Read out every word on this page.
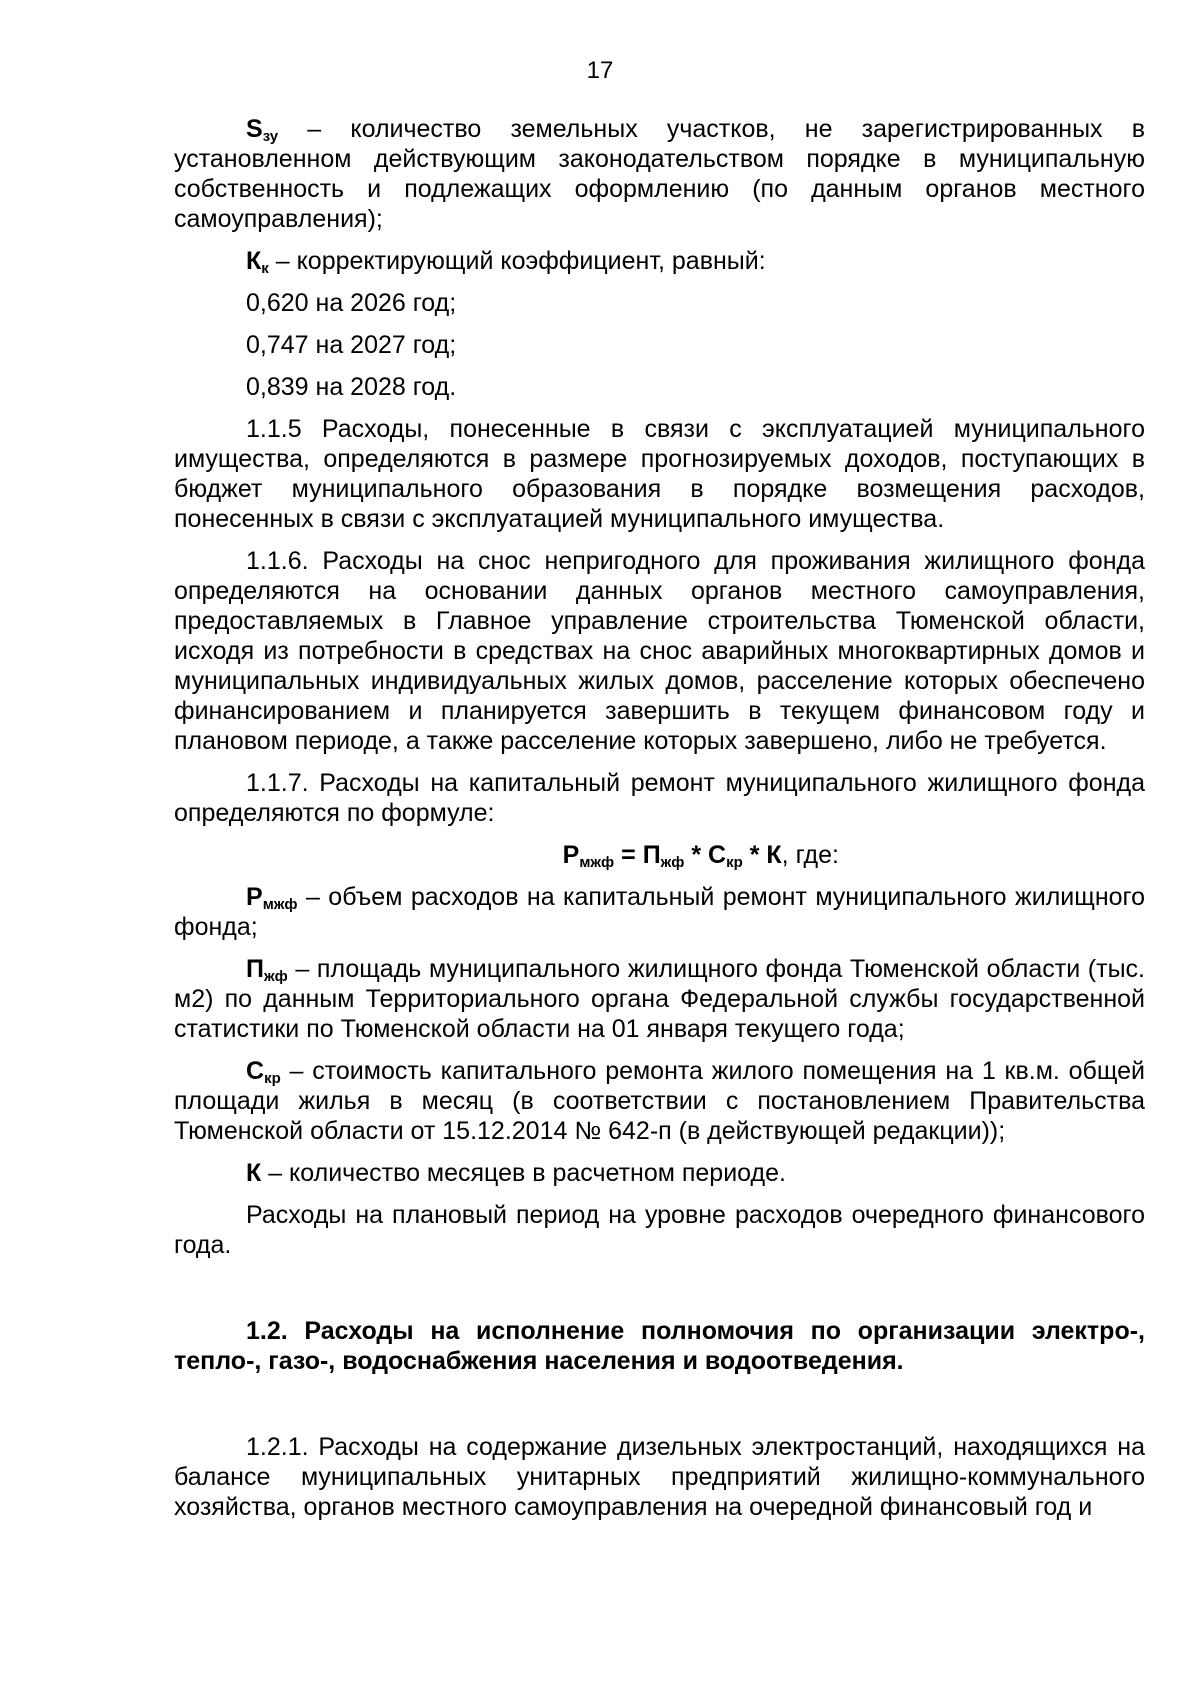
17

$S_{зу}$ – количество земельных участков, не зарегистрированных в установленном действующим законодательством порядке в муниципальную собственность и подлежащих оформлению (по данным органов местного самоуправления);

$К_к$ – корректирующий коэффициент, равный:

0,620 на 2026 год;

0,747 на 2027 год;

0,839 на 2028 год.

1.1.5 Расходы, понесенные в связи с эксплуатацией муниципального имущества, определяются в размере прогнозируемых доходов, поступающих в бюджет муниципального образования в порядке возмещения расходов, понесенных в связи с эксплуатацией муниципального имущества.

1.1.6. Расходы на снос непригодного для проживания жилищного фонда определяются на основании данных органов местного самоуправления, предоставляемых в Главное управление строительства Тюменской области, исходя из потребности в средствах на снос аварийных многоквартирных домов и муниципальных индивидуальных жилых домов, расселение которых обеспечено финансированием и планируется завершить в текущем финансовом году и плановом периоде, а также расселение которых завершено, либо не требуется.

1.1.7. Расходы на капитальный ремонт муниципального жилищного фонда определяются по формуле:

$Р_{мжф} = П_{жф} * С_{кр} * К$, где:

$Р_{мжф}$ – объем расходов на капитальный ремонт муниципального жилищного фонда;

$П_{жф}$ – площадь муниципального жилищного фонда Тюменской области (тыс. м2) по данным Территориального органа Федеральной службы государственной статистики по Тюменской области на 01 января текущего года;

$С_{кр}$ – стоимость капитального ремонта жилого помещения на 1 кв.м. общей площади жилья в месяц (в соответствии с постановлением Правительства Тюменской области от 15.12.2014 № 642-п (в действующей редакции));

К – количество месяцев в расчетном периоде.

Расходы на плановый период на уровне расходов очередного финансового года.

1.2. Расходы на исполнение полномочия по организации электро-, тепло-, газо-, водоснабжения населения и водоотведения.

1.2.1. Расходы на содержание дизельных электростанций, находящихся на балансе муниципальных унитарных предприятий жилищно-коммунального хозяйства, органов местного самоуправления на очередной финансовый год и
